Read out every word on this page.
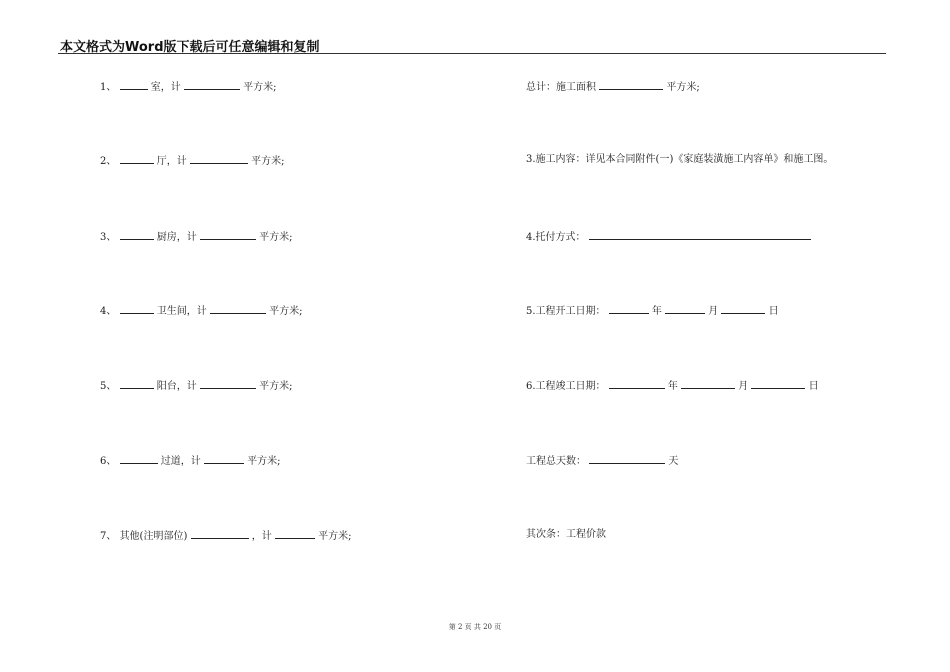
本文格式为Word版下载后可任意编辑和复制
1、	室，计	平方米;
2、	厅，计	平方米;
3、	厨房，计	平方米;
4、	卫生间，计	平方米;
5、	阳台，计	平方米;
6、	过道，计	平方米;
7、 其他(注明部位)	，计	平方米;
总计：施工面积	平方米;
3.施工内容：详见本合同附件(一)《家庭装潢施工内容单》和施工图。
4.托付方式：
5.工程开工日期：	年	月	日
6.工程竣工日期：	年	月	日
工程总天数：	天
其次条：工程价款
第 2 页 共 20 页
